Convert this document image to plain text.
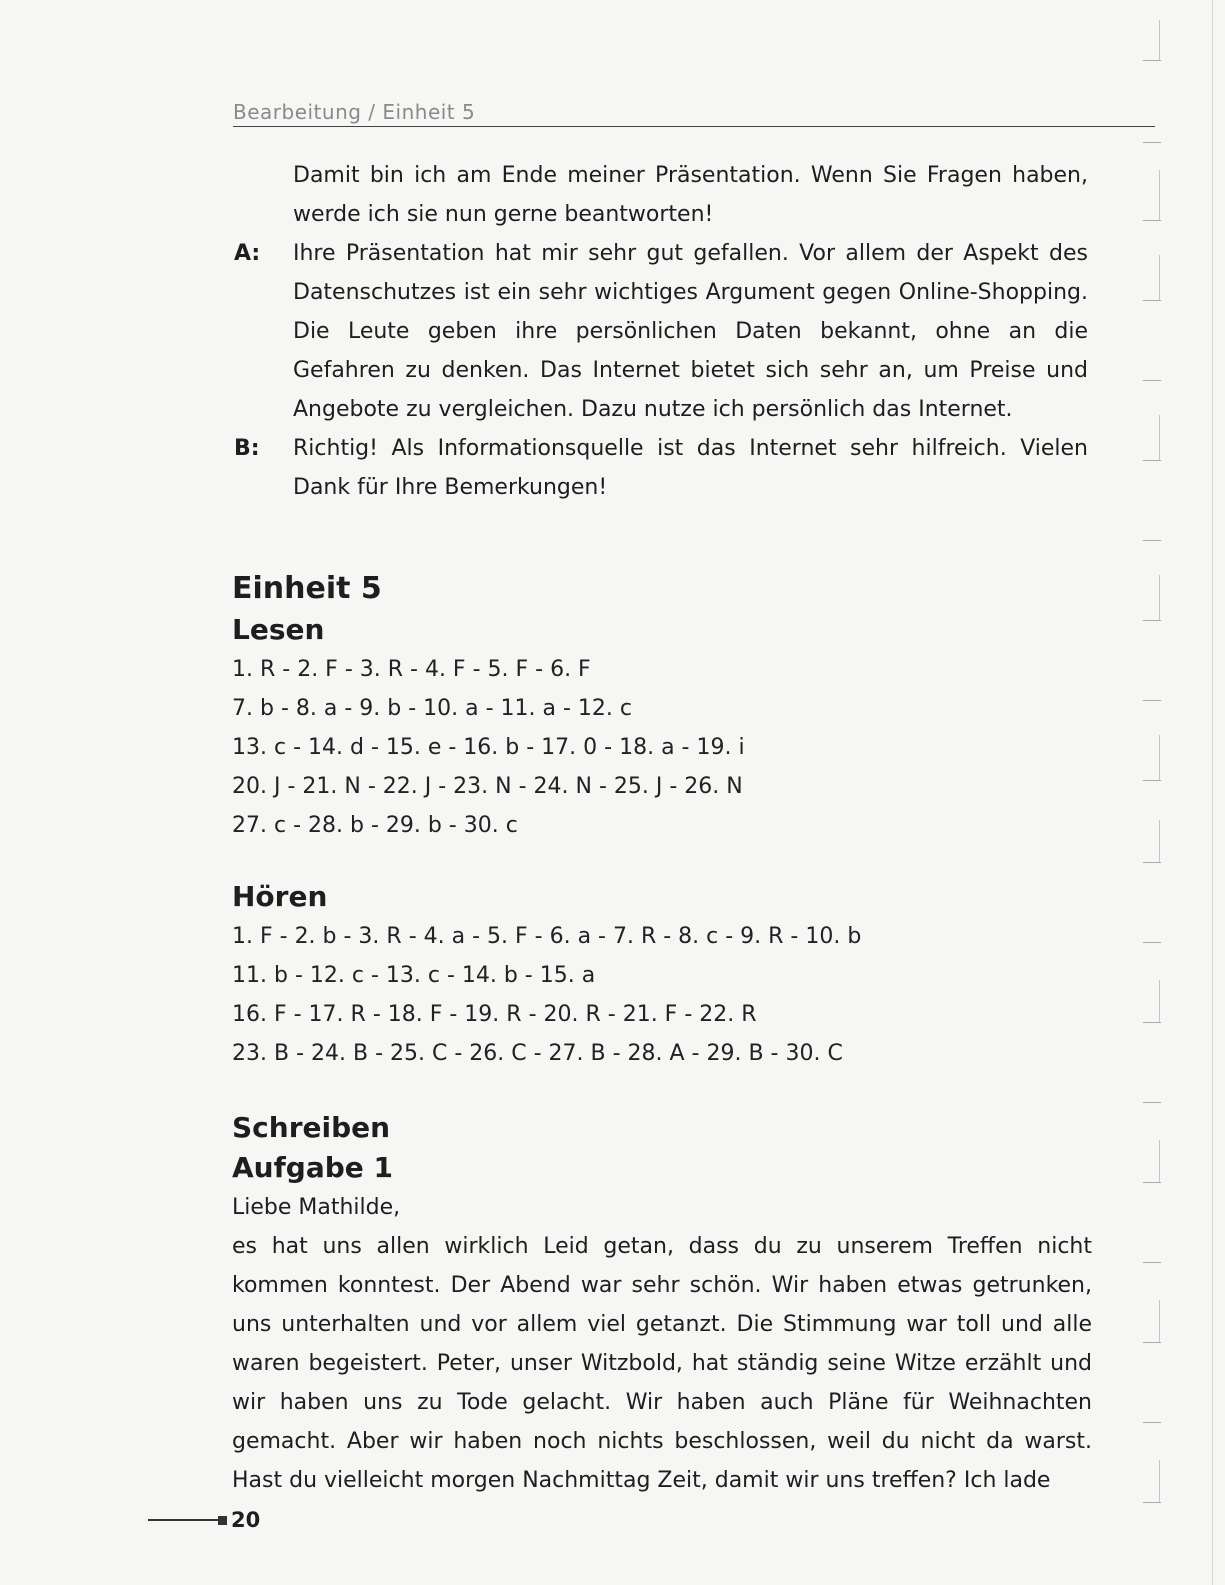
Bearbeitung / Einheit 5
Damit bin ich am Ende meiner Präsentation. Wenn Sie Fragen haben, werde ich sie nun gerne beantworten!
A: Ihre Präsentation hat mir sehr gut gefallen. Vor allem der Aspekt des Datenschutzes ist ein sehr wichtiges Argument gegen Online-Shopping. Die Leute geben ihre persönlichen Daten bekannt, ohne an die Gefahren zu denken. Das Internet bietet sich sehr an, um Preise und Angebote zu vergleichen. Dazu nutze ich persönlich das Internet.
B: Richtig! Als Informationsquelle ist das Internet sehr hilfreich. Vielen Dank für Ihre Bemerkungen!
Einheit 5
Lesen
1. R - 2. F - 3. R - 4. F - 5. F - 6. F
7. b - 8. a - 9. b - 10. a - 11. a - 12. c
13. c - 14. d - 15. e - 16. b - 17. 0 - 18. a - 19. i
20. J - 21. N - 22. J - 23. N - 24. N - 25. J - 26. N
27. c - 28. b - 29. b - 30. c
Hören
1. F - 2. b - 3. R - 4. a - 5. F - 6. a - 7. R - 8. c - 9. R - 10. b
11. b - 12. c - 13. c - 14. b - 15. a
16. F - 17. R - 18. F - 19. R - 20. R - 21. F - 22. R
23. B - 24. B - 25. C - 26. C - 27. B - 28. A - 29. B - 30. C
Schreiben
Aufgabe 1

Liebe Mathilde,

es hat uns allen wirklich Leid getan, dass du zu unserem Treffen nicht kommen konntest. Der Abend war sehr schön. Wir haben etwas getrunken, uns unterhalten und vor allem viel getanzt. Die Stimmung war toll und alle waren begeistert. Peter, unser Witzbold, hat ständig seine Witze erzählt und wir haben uns zu Tode gelacht. Wir haben auch Pläne für Weihnachten gemacht. Aber wir haben noch nichts beschlossen, weil du nicht da warst. Hast du vielleicht morgen Nachmittag Zeit, damit wir uns treffen? Ich lade

20
